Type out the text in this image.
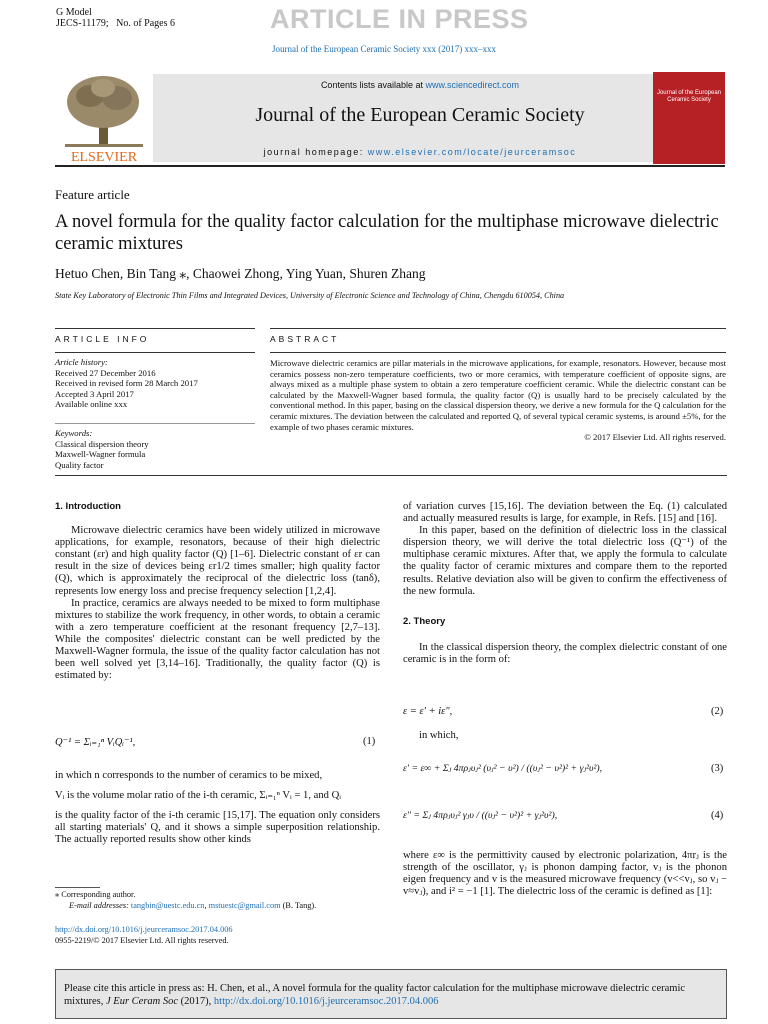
G Model
JECS-11179; No. of Pages 6	ARTICLE IN PRESS
Journal of the European Ceramic Society xxx (2017) xxx–xxx
ELSEVIER
Contents lists available at www.sciencedirect.com
Journal of the European Ceramic Society
journal homepage: www.elsevier.com/locate/jeurceramsoc
Journal of the European Ceramic Society
Feature article
A novel formula for the quality factor calculation for the multiphase microwave dielectric ceramic mixtures
Hetuo Chen, Bin Tang ⁎, Chaowei Zhong, Ying Yuan, Shuren Zhang
State Key Laboratory of Electronic Thin Films and Integrated Devices, University of Electronic Science and Technology of China, Chengdu 610054, China
ARTICLE INFO	ABSTRACT
Article history:
Received 27 December 2016
Received in revised form 28 March 2017
Accepted 3 April 2017
Available online xxx
Keywords:
Classical dispersion theory
Maxwell-Wagner formula
Quality factor
Microwave dielectric ceramics are pillar materials in the microwave applications, for example, resonators. However, because most ceramics possess non-zero temperature coefficients, two or more ceramics, with temperature coefficient of opposite signs, are always mixed as a multiple phase system to obtain a zero temperature coefficient ceramic. While the dielectric constant can be calculated by the Maxwell-Wagner based formula, the quality factor (Q) is usually hard to be precisely calculated by the conventional method. In this paper, basing on the classical dispersion theory, we derive a new formula for the Q calculation for the ceramic mixtures. The deviation between the calculated and reported Q, of several typical ceramic systems, is around ±5%, for the example of two phases ceramic mixtures.
© 2017 Elsevier Ltd. All rights reserved.

1. Introduction

Microwave dielectric ceramics have been widely utilized in microwave applications, for example, resonators, because of their high dielectric constant (εr) and high quality factor (Q) [1–6]. Dielectric constant of εr can result in the size of devices being εr1/2 times smaller; high quality factor (Q), which is approximately the reciprocal of the dielectric loss (tanδ), represents low energy loss and precise frequency selection [1,2,4].

In practice, ceramics are always needed to be mixed to form multiphase mixtures to stabilize the work frequency, in other words, to obtain a ceramic with a zero temperature coefficient at the resonant frequency [2,7–13]. While the composites' dielectric constant can be well predicted by the Maxwell-Wagner formula, the issue of the quality factor calculation has not been well solved yet [3,14–16]. Traditionally, the quality factor (Q) is estimated by:

Q⁻¹ = Σᵢ₌₁ⁿ VᵢQᵢ⁻¹,	(1)

in which n corresponds to the number of ceramics to be mixed,

Vᵢ is the volume molar ratio of the i-th ceramic, Σᵢ₌₁ⁿ Vᵢ = 1, and Qᵢ

is the quality factor of the i-th ceramic [15,17]. The equation only considers all starting materials' Q, and it shows a simple superposition relationship. The actually reported results show other kinds

of variation curves [15,16]. The deviation between the Eq. (1) calculated and actually measured results is large, for example, in Refs. [15] and [16].

In this paper, based on the definition of dielectric loss in the classical dispersion theory, we will derive the total dielectric loss (Q⁻¹) of the multiphase ceramic mixtures. After that, we apply the formula to calculate the quality factor of ceramic mixtures and compare them to the reported results. Relative deviation also will be given to confirm the effectiveness of the new formula.

2. Theory

In the classical dispersion theory, the complex dielectric constant of one ceramic is in the form of:

ε = ε′ + iε″,	(2)
in which,
ε′ = ε∞ + Σⱼ 4πρⱼυⱼ² (υⱼ² − υ²) / ((υⱼ² − υ²)² + γⱼ²υ²),	(3)
ε″ = Σⱼ 4πρⱼυⱼ² γⱼυ / ((υⱼ² − υ²)² + γⱼ²υ²),	(4)

where ε∞ is the permittivity caused by electronic polarization, 4πrⱼ is the strength of the oscillator, γⱼ is phonon damping factor, vⱼ is the phonon eigen frequency and v is the measured microwave frequency (v<<vⱼ, so vⱼ − v≈vⱼ), and i² = −1 [1]. The dielectric loss of the ceramic is defined as [1]:

⁎ Corresponding author.
E-mail addresses: tangbin@uestc.edu.cn, mstuestc@gmail.com (B. Tang).
http://dx.doi.org/10.1016/j.jeurceramsoc.2017.04.006
0955-2219/© 2017 Elsevier Ltd. All rights reserved.
Please cite this article in press as: H. Chen, et al., A novel formula for the quality factor calculation for the multiphase microwave dielectric ceramic mixtures, J Eur Ceram Soc (2017), http://dx.doi.org/10.1016/j.jeurceramsoc.2017.04.006
